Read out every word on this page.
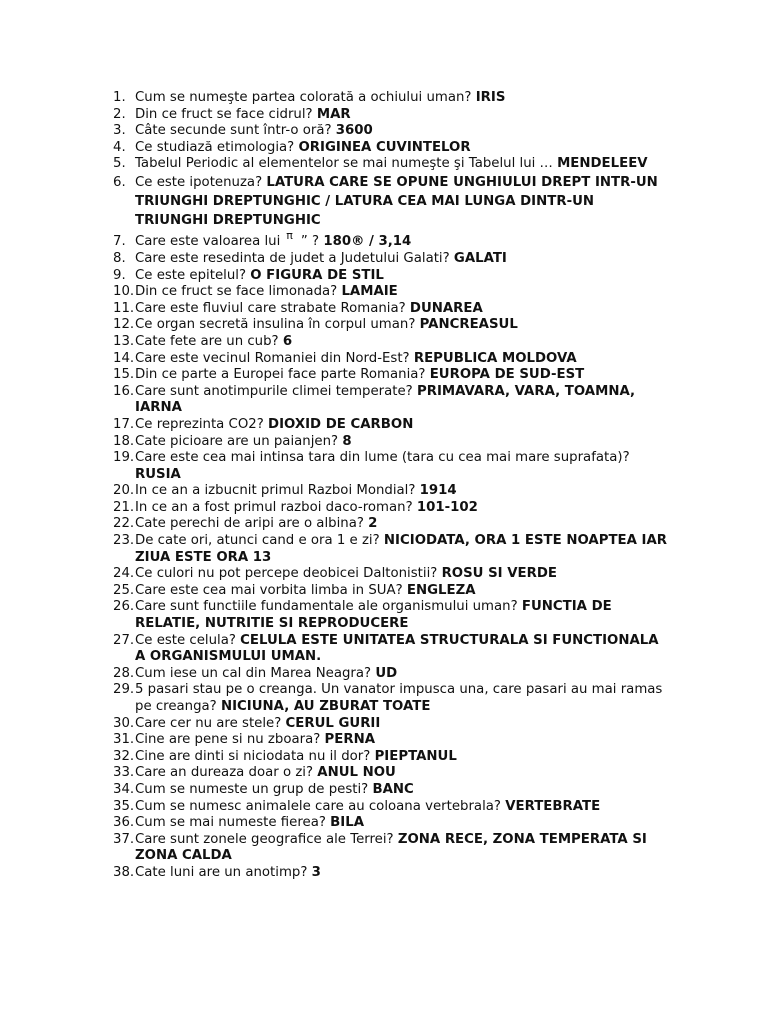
1. Cum se numeşte partea colorată a ochiului uman? IRIS
2. Din ce fruct se face cidrul? MAR
3. Câte secunde sunt într-o oră? 3600
4. Ce studiază etimologia? ORIGINEA CUVINTELOR
5. Tabelul Periodic al elementelor se mai numeşte şi Tabelul lui … MENDELEEV
6. Ce este ipotenuza? LATURA CARE SE OPUNE UNGHIULUI DREPT INTR-UN TRIUNGHI DREPTUNGHIC / LATURA CEA MAI LUNGA DINTR-UN TRIUNGHI DREPTUNGHIC
7. Care este valoarea lui $^\pi$ ” ? 180® / 3,14
8. Care este resedinta de judet a Judetului Galati? GALATI
9. Ce este epitelul? O FIGURA DE STIL
10. Din ce fruct se face limonada? LAMAIE
11. Care este fluviul care strabate Romania? DUNAREA
12. Ce organ secretă insulina în corpul uman? PANCREASUL
13. Cate fete are un cub? 6
14. Care este vecinul Romaniei din Nord-Est? REPUBLICA MOLDOVA
15. Din ce parte a Europei face parte Romania? EUROPA DE SUD-EST
16. Care sunt anotimpurile climei temperate? PRIMAVARA, VARA, TOAMNA, IARNA
17. Ce reprezinta CO2? DIOXID DE CARBON
18. Cate picioare are un paianjen? 8
19. Care este cea mai intinsa tara din lume (tara cu cea mai mare suprafata)? RUSIA
20. In ce an a izbucnit primul Razboi Mondial? 1914
21. In ce an a fost primul razboi daco-roman? 101-102
22. Cate perechi de aripi are o albina? 2
23. De cate ori, atunci cand e ora 1 e zi? NICIODATA, ORA 1 ESTE NOAPTEA IAR ZIUA ESTE ORA 13
24. Ce culori nu pot percepe deobicei Daltonistii? ROSU SI VERDE
25. Care este cea mai vorbita limba in SUA? ENGLEZA
26. Care sunt functiile fundamentale ale organismului uman? FUNCTIA DE RELATIE, NUTRITIE SI REPRODUCERE
27. Ce este celula? CELULA ESTE UNITATEA STRUCTURALA SI FUNCTIONALA A ORGANISMULUI UMAN.
28. Cum iese un cal din Marea Neagra? UD
29. 5 pasari stau pe o creanga. Un vanator impusca una, care pasari au mai ramas pe creanga? NICIUNA, AU ZBURAT TOATE
30. Care cer nu are stele? CERUL GURII
31. Cine are pene si nu zboara? PERNA
32. Cine are dinti si niciodata nu il dor? PIEPTANUL
33. Care an dureaza doar o zi? ANUL NOU
34. Cum se numeste un grup de pesti? BANC
35. Cum se numesc animalele care au coloana vertebrala? VERTEBRATE
36. Cum se mai numeste fierea? BILA
37. Care sunt zonele geografice ale Terrei? ZONA RECE, ZONA TEMPERATA SI ZONA CALDA
38. Cate luni are un anotimp? 3
